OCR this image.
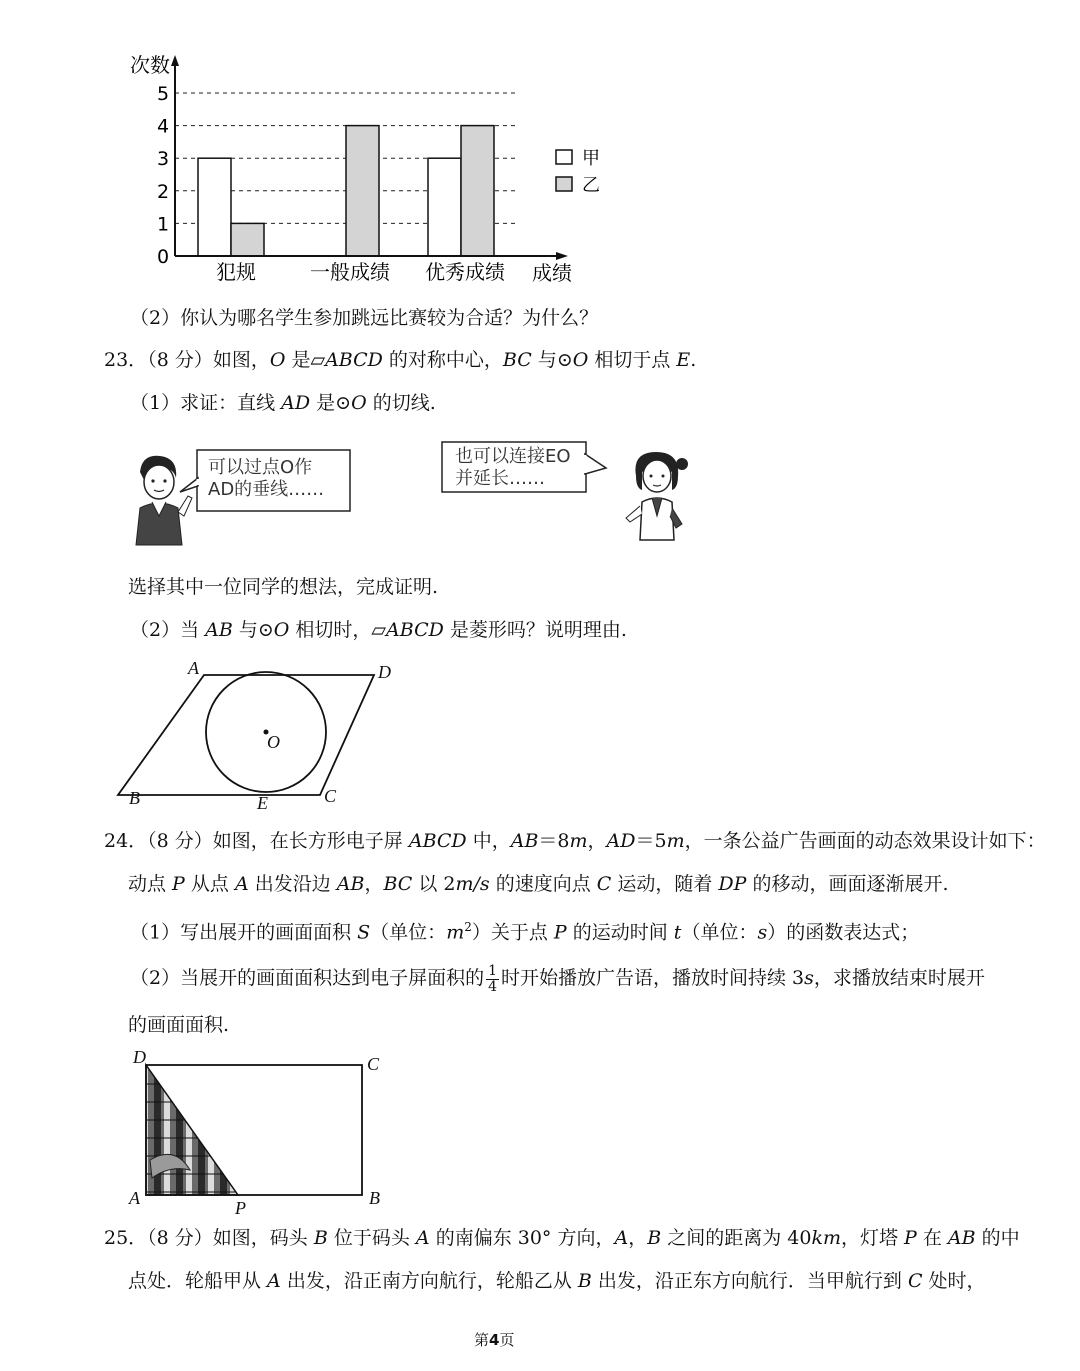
0
1
2
3
4
5
次数
成绩
犯规	一般成绩 优秀成绩
甲
乙
（2）你认为哪名学生参加跳远比赛较为合适？为什么？
23．（8 分）如图，O 是▱ABCD 的对称中心，BC 与⊙O 相切于点 E.
（1）求证：直线 AD 是⊙O 的切线.
可以过点O作
AD的垂线……
也可以连接EO
并延长……
选择其中一位同学的想法，完成证明.
（2）当 AB 与⊙O 相切时，▱ABCD 是菱形吗？说明理由.
A	D
B	C
E
O
24．（8 分）如图，在长方形电子屏 ABCD 中，AB＝8m，AD＝5m，一条公益广告画面的动态效果设计如下：
动点 P 从点 A 出发沿边 AB，BC 以 2m/s 的速度向点 C 运动，随着 DP 的移动，画面逐渐展开.
（1）写出展开的画面面积 S（单位：$m^2$）关于点 P 的运动时间 t（单位：s）的函数表达式；
（2）当展开的画面面积达到电子屏面积的 $\frac{1}{4}$ 时开始播放广告语，播放时间持续 3s，求播放结束时展开
的画面面积.
D	C
A	B
P
25．（8 分）如图，码头 B 位于码头 A 的南偏东 30° 方向，A，B 之间的距离为 40km，灯塔 P 在 AB 的中
点处．轮船甲从 A 出发，沿正南方向航行，轮船乙从 B 出发，沿正东方向航行．当甲航行到 C 处时，
第4页
